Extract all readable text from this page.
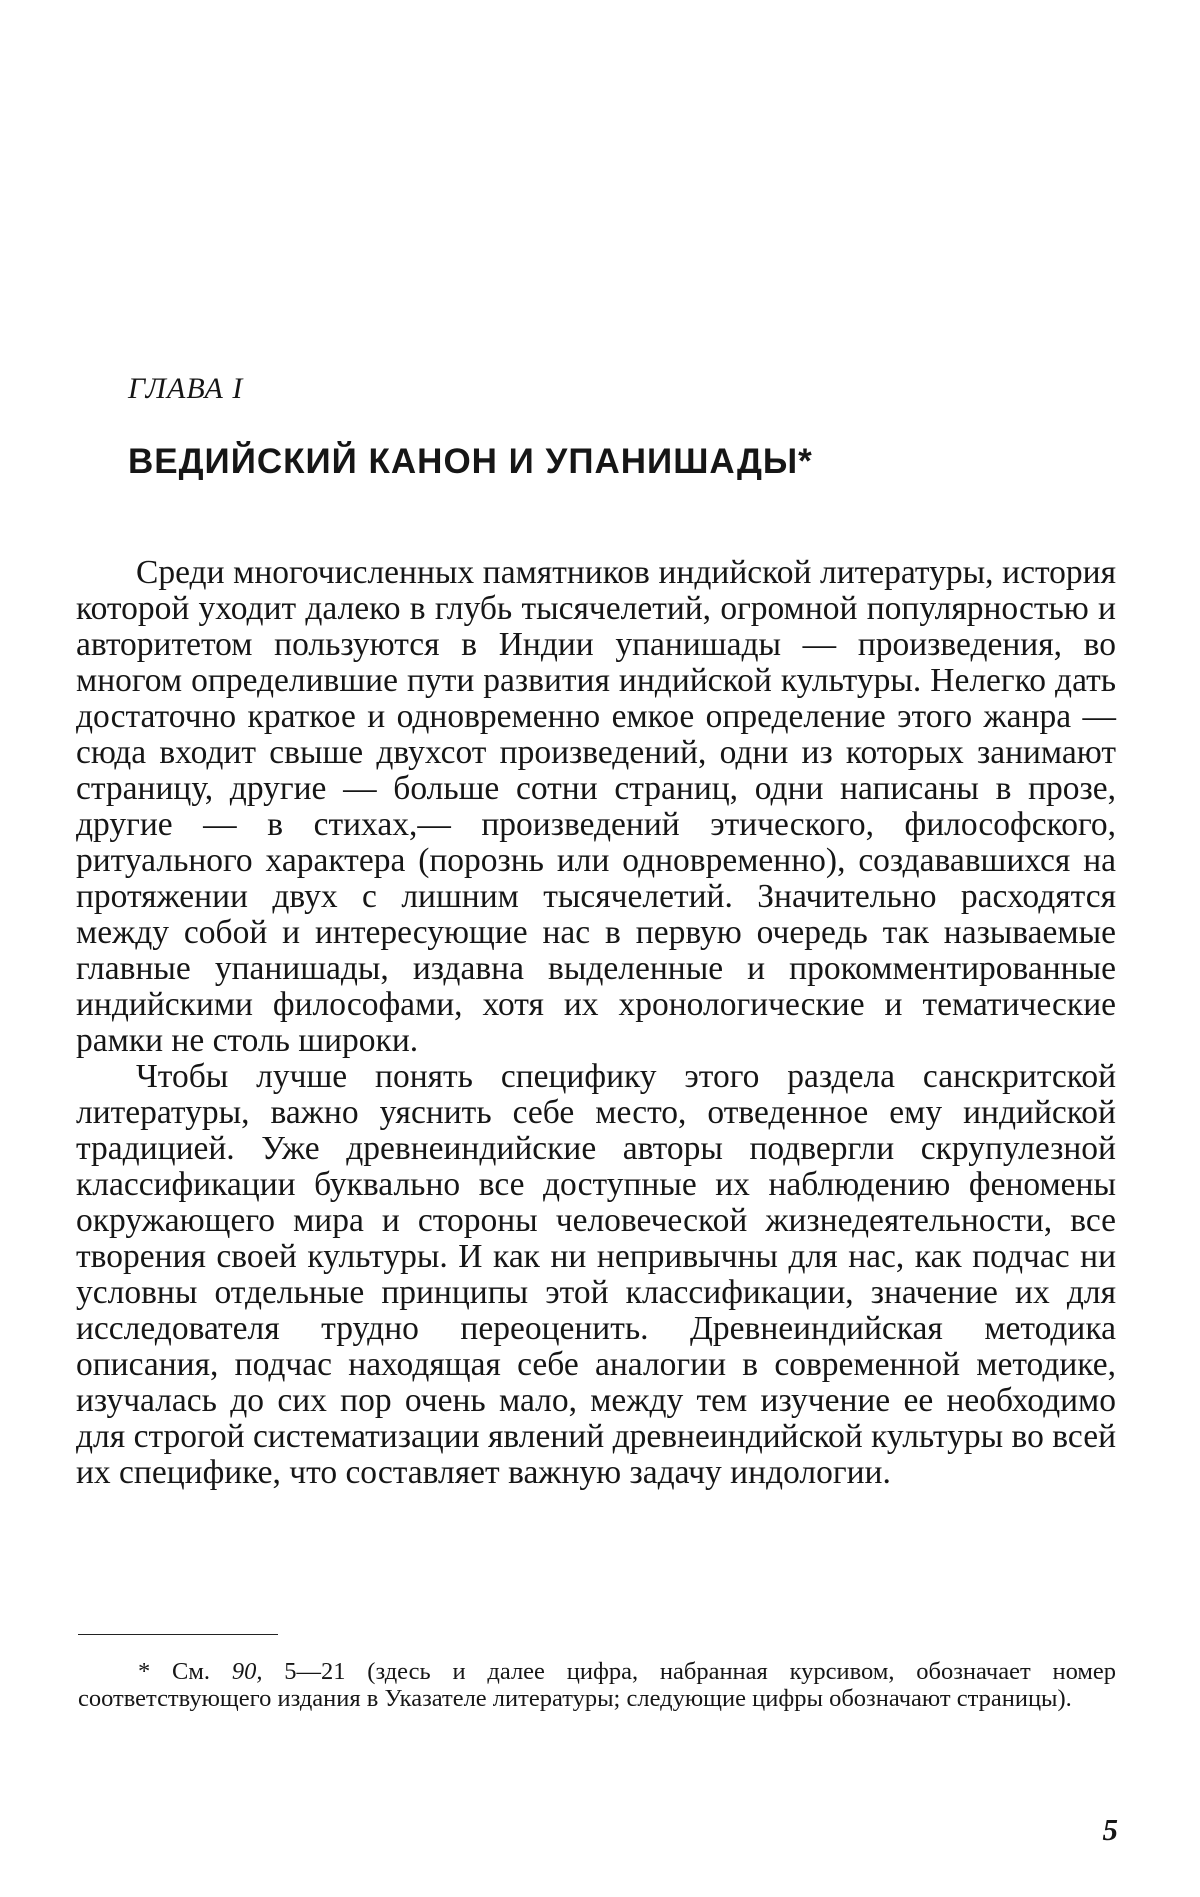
ГЛАВА I
ВЕДИЙСКИЙ КАНОН И УПАНИШАДЫ*

Среди многочисленных памятников индийской литературы, история которой уходит далеко в глубь тысячелетий, огромной популярностью и авторитетом пользуются в Индии упанишады — произведения, во многом определившие пути развития индийской культуры. Нелегко дать достаточно краткое и одновременно емкое определение этого жанра — сюда входит свыше двухсот произведений, одни из которых занимают страницу, другие — больше сотни страниц, одни написаны в прозе, другие — в стихах,— произведений этического, философского, ритуального характера (порознь или одновременно), создававшихся на протяжении двух с лишним тысячелетий. Значительно расходятся между собой и интересующие нас в первую очередь так называемые главные упанишады, издавна выделенные и прокомментированные индийскими философами, хотя их хронологические и тематические рамки не столь широки.

Чтобы лучше понять специфику этого раздела санскритской литературы, важно уяснить себе место, отведенное ему индийской традицией. Уже древнеиндийские авторы подвергли скрупулезной классификации буквально все доступные их наблюдению феномены окружающего мира и стороны человеческой жизнедеятельности, все творения своей культуры. И как ни непривычны для нас, как подчас ни условны отдельные принципы этой классификации, значение их для исследователя трудно переоценить. Древнеиндийская методика описания, подчас находящая себе аналогии в современной методике, изучалась до сих пор очень мало, между тем изучение ее необходимо для строгой систематизации явлений древнеиндийской культуры во всей их специфике, что составляет важную задачу индологии.

* См. 90, 5—21 (здесь и далее цифра, набранная курсивом, обозначает номер соответствующего издания в Указателе литературы; следующие цифры обозначают страницы).

5
